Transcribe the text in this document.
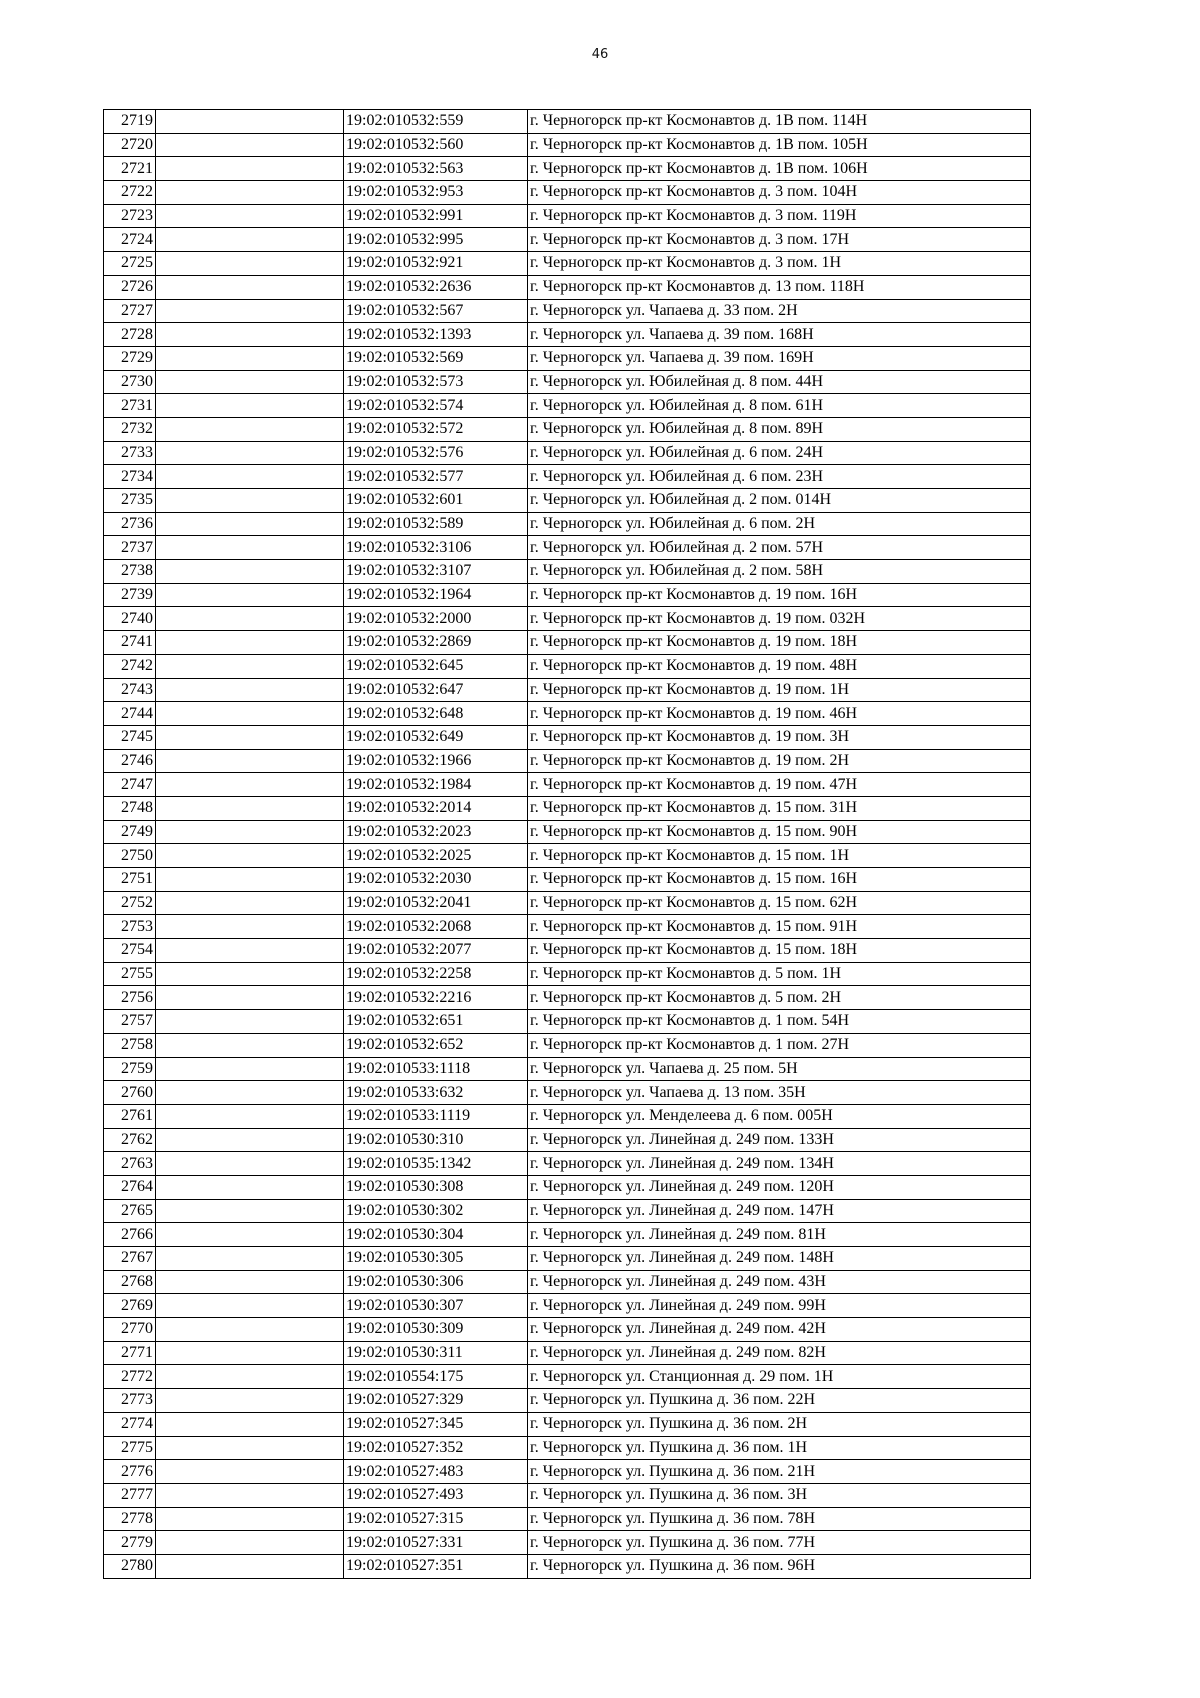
46
2719		19:02:010532:559	г. Черногорск пр-кт Космонавтов д. 1В пом. 114Н
2720		19:02:010532:560	г. Черногорск пр-кт Космонавтов д. 1В пом. 105Н
2721		19:02:010532:563	г. Черногорск пр-кт Космонавтов д. 1В пом. 106Н
2722		19:02:010532:953	г. Черногорск пр-кт Космонавтов д. 3 пом. 104Н
2723		19:02:010532:991	г. Черногорск пр-кт Космонавтов д. 3 пом. 119Н
2724		19:02:010532:995	г. Черногорск пр-кт Космонавтов д. 3 пом. 17Н
2725		19:02:010532:921	г. Черногорск пр-кт Космонавтов д. 3 пом. 1Н
2726		19:02:010532:2636	г. Черногорск пр-кт Космонавтов д. 13 пом. 118Н
2727		19:02:010532:567	г. Черногорск ул. Чапаева д. 33 пом. 2Н
2728		19:02:010532:1393	г. Черногорск ул. Чапаева д. 39 пом. 168Н
2729		19:02:010532:569	г. Черногорск ул. Чапаева д. 39 пом. 169Н
2730		19:02:010532:573	г. Черногорск ул. Юбилейная д. 8 пом. 44Н
2731		19:02:010532:574	г. Черногорск ул. Юбилейная д. 8 пом. 61Н
2732		19:02:010532:572	г. Черногорск ул. Юбилейная д. 8 пом. 89Н
2733		19:02:010532:576	г. Черногорск ул. Юбилейная д. 6 пом. 24Н
2734		19:02:010532:577	г. Черногорск ул. Юбилейная д. 6 пом. 23Н
2735		19:02:010532:601	г. Черногорск ул. Юбилейная д. 2 пом. 014Н
2736		19:02:010532:589	г. Черногорск ул. Юбилейная д. 6 пом. 2Н
2737		19:02:010532:3106	г. Черногорск ул. Юбилейная д. 2 пом. 57Н
2738		19:02:010532:3107	г. Черногорск ул. Юбилейная д. 2 пом. 58Н
2739		19:02:010532:1964	г. Черногорск пр-кт Космонавтов д. 19 пом. 16Н
2740		19:02:010532:2000	г. Черногорск пр-кт Космонавтов д. 19 пом. 032Н
2741		19:02:010532:2869	г. Черногорск пр-кт Космонавтов д. 19 пом. 18Н
2742		19:02:010532:645	г. Черногорск пр-кт Космонавтов д. 19 пом. 48Н
2743		19:02:010532:647	г. Черногорск пр-кт Космонавтов д. 19 пом. 1Н
2744		19:02:010532:648	г. Черногорск пр-кт Космонавтов д. 19 пом. 46Н
2745		19:02:010532:649	г. Черногорск пр-кт Космонавтов д. 19 пом. 3Н
2746		19:02:010532:1966	г. Черногорск пр-кт Космонавтов д. 19 пом. 2Н
2747		19:02:010532:1984	г. Черногорск пр-кт Космонавтов д. 19 пом. 47Н
2748		19:02:010532:2014	г. Черногорск пр-кт Космонавтов д. 15 пом. 31Н
2749		19:02:010532:2023	г. Черногорск пр-кт Космонавтов д. 15 пом. 90Н
2750		19:02:010532:2025	г. Черногорск пр-кт Космонавтов д. 15 пом. 1Н
2751		19:02:010532:2030	г. Черногорск пр-кт Космонавтов д. 15 пом. 16Н
2752		19:02:010532:2041	г. Черногорск пр-кт Космонавтов д. 15 пом. 62Н
2753		19:02:010532:2068	г. Черногорск пр-кт Космонавтов д. 15 пом. 91Н
2754		19:02:010532:2077	г. Черногорск пр-кт Космонавтов д. 15 пом. 18Н
2755		19:02:010532:2258	г. Черногорск пр-кт Космонавтов д. 5 пом. 1Н
2756		19:02:010532:2216	г. Черногорск пр-кт Космонавтов д. 5 пом. 2Н
2757		19:02:010532:651	г. Черногорск пр-кт Космонавтов д. 1 пом. 54Н
2758		19:02:010532:652	г. Черногорск пр-кт Космонавтов д. 1 пом. 27Н
2759		19:02:010533:1118	г. Черногорск ул. Чапаева д. 25 пом. 5Н
2760		19:02:010533:632	г. Черногорск ул. Чапаева д. 13 пом. 35Н
2761		19:02:010533:1119	г. Черногорск ул. Менделеева д. 6 пом. 005Н
2762		19:02:010530:310	г. Черногорск ул. Линейная д. 249 пом. 133Н
2763		19:02:010535:1342	г. Черногорск ул. Линейная д. 249 пом. 134Н
2764		19:02:010530:308	г. Черногорск ул. Линейная д. 249 пом. 120Н
2765		19:02:010530:302	г. Черногорск ул. Линейная д. 249 пом. 147Н
2766		19:02:010530:304	г. Черногорск ул. Линейная д. 249 пом. 81Н
2767		19:02:010530:305	г. Черногорск ул. Линейная д. 249 пом. 148Н
2768		19:02:010530:306	г. Черногорск ул. Линейная д. 249 пом. 43Н
2769		19:02:010530:307	г. Черногорск ул. Линейная д. 249 пом. 99Н
2770		19:02:010530:309	г. Черногорск ул. Линейная д. 249 пом. 42Н
2771		19:02:010530:311	г. Черногорск ул. Линейная д. 249 пом. 82Н
2772		19:02:010554:175	г. Черногорск ул. Станционная д. 29 пом. 1Н
2773		19:02:010527:329	г. Черногорск ул. Пушкина д. 36 пом. 22Н
2774		19:02:010527:345	г. Черногорск ул. Пушкина д. 36 пом. 2Н
2775		19:02:010527:352	г. Черногорск ул. Пушкина д. 36 пом. 1Н
2776		19:02:010527:483	г. Черногорск ул. Пушкина д. 36 пом. 21Н
2777		19:02:010527:493	г. Черногорск ул. Пушкина д. 36 пом. 3Н
2778		19:02:010527:315	г. Черногорск ул. Пушкина д. 36 пом. 78Н
2779		19:02:010527:331	г. Черногорск ул. Пушкина д. 36 пом. 77Н
2780		19:02:010527:351	г. Черногорск ул. Пушкина д. 36 пом. 96Н
